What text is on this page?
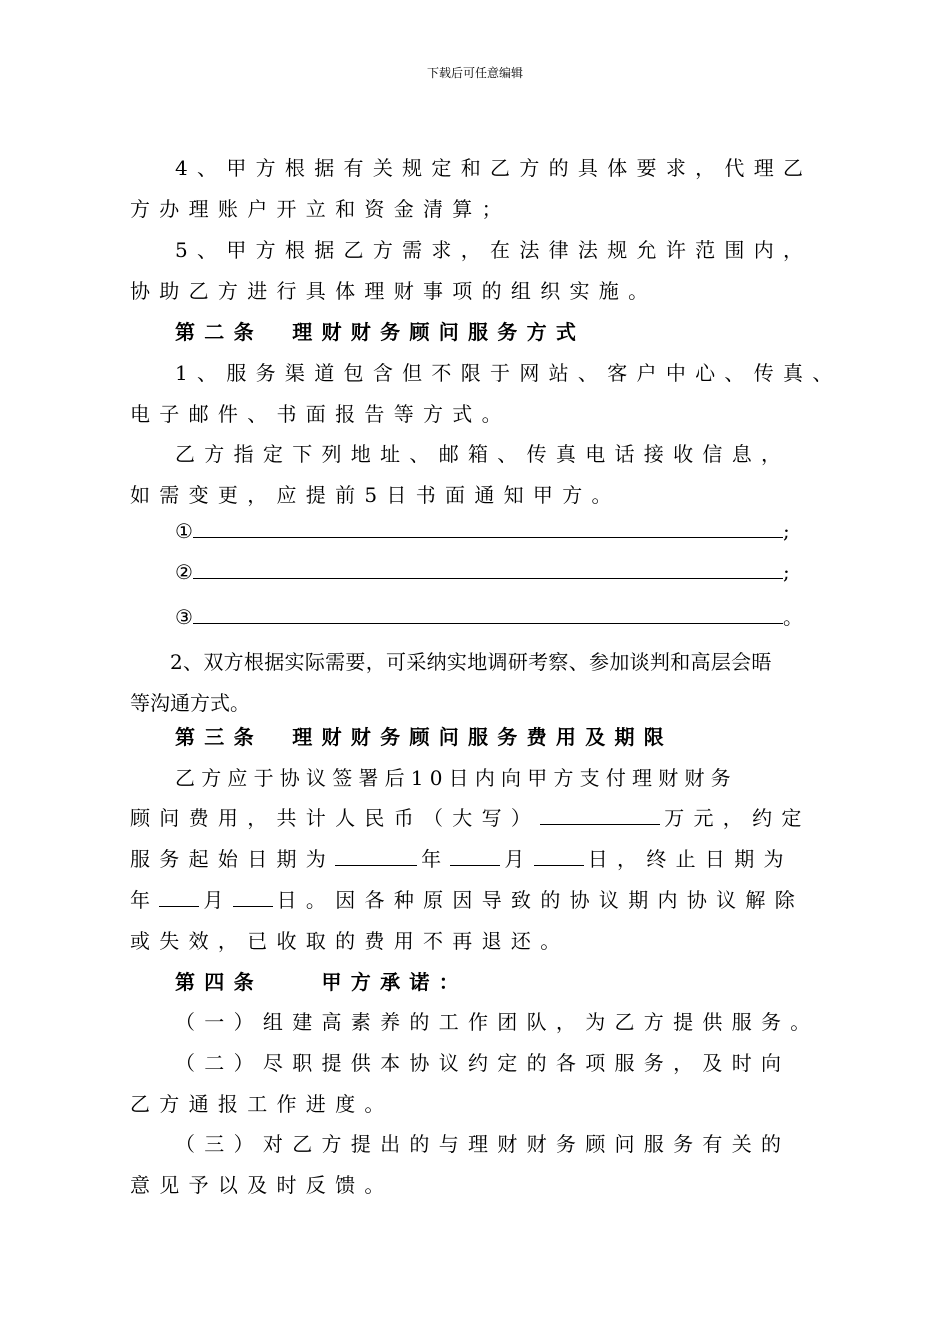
下载后可任意编辑
4、甲方根据有关规定和乙方的具体要求，代理乙
方办理账户开立和资金清算；
5、甲方根据乙方需求，在法律法规允许范围内，
协助乙方进行具体理财事项的组织实施。
第二条　理财财务顾问服务方式
1、服务渠道包含但不限于网站、客户中心、传真、
电子邮件、书面报告等方式。
乙方指定下列地址、邮箱、传真电话接收信息，
如需变更，应提前5日书面通知甲方。
①	;
②	;
③	。
2、双方根据实际需要，可采纳实地调研考察、参加谈判和高层会晤
等沟通方式。
第三条　理财财务顾问服务费用及期限
乙方应于协议签署后10日内向甲方支付理财财务
顾问费用，共计人民币（大写）	万元，约定
服务起始日期为	年	月	日，终止日期为
年 月 日。因各种原因导致的协议期内协议解除
或失效，已收取的费用不再退还。
第四条　　甲方承诺：
（一）组建高素养的工作团队，为乙方提供服务。
（二）尽职提供本协议约定的各项服务，及时向
乙方通报工作进度。
（三）对乙方提出的与理财财务顾问服务有关的
意见予以及时反馈。
